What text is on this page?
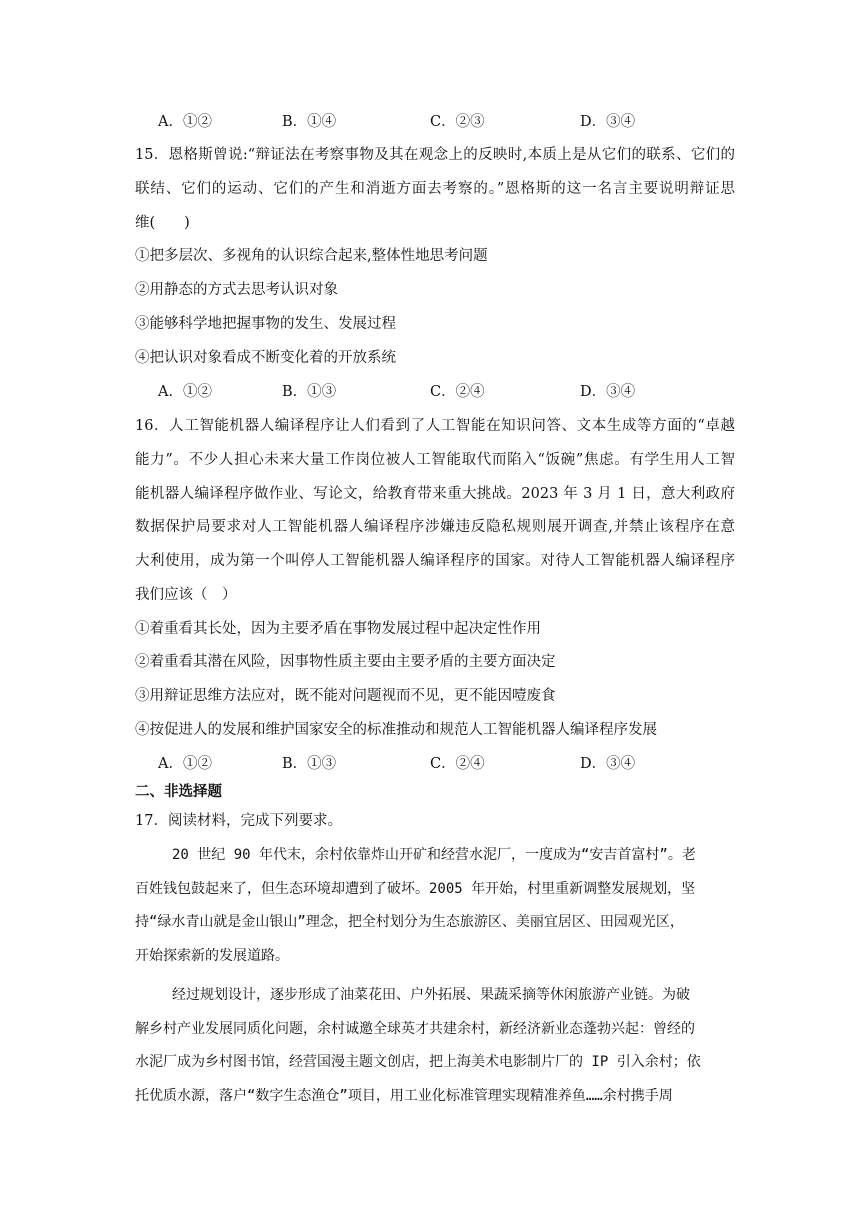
A．①②	B．①④	C．②③	D．③④
15．恩格斯曾说:“辩证法在考察事物及其在观念上的反映时,本质上是从它们的联系、它们的
联结、它们的运动、它们的产生和消逝方面去考察的。”恩格斯的这一名言主要说明辩证思
维(　　)
①把多层次、多视角的认识综合起来,整体性地思考问题
②用静态的方式去思考认识对象
③能够科学地把握事物的发生、发展过程
④把认识对象看成不断变化着的开放系统
A．①②	B．①③	C．②④	D．③④
16．人工智能机器人编译程序让人们看到了人工智能在知识问答、文本生成等方面的“卓越
能力”。不少人担心未来大量工作岗位被人工智能取代而陷入“饭碗”焦虑。有学生用人工智
能机器人编译程序做作业、写论文，给教育带来重大挑战。2023 年 3 月 1 日，意大利政府
数据保护局要求对人工智能机器人编译程序涉嫌违反隐私规则展开调查,并禁止该程序在意
大利使用，成为第一个叫停人工智能机器人编译程序的国家。对待人工智能机器人编译程序
我们应该（　）
①着重看其长处，因为主要矛盾在事物发展过程中起决定性作用
②着重看其潜在风险，因事物性质主要由主要矛盾的主要方面决定
③用辩证思维方法应对，既不能对问题视而不见，更不能因噎废食
④按促进人的发展和维护国家安全的标准推动和规范人工智能机器人编译程序发展
A．①②	B．①③	C．②④	D．③④
二、非选择题
17．阅读材料，完成下列要求。
20 世纪 90 年代末，余村依靠炸山开矿和经营水泥厂，一度成为“安吉首富村”。老
百姓钱包鼓起来了，但生态环境却遭到了破坏。2005 年开始，村里重新调整发展规划，坚
持“绿水青山就是金山银山”理念，把全村划分为生态旅游区、美丽宜居区、田园观光区，
开始探索新的发展道路。
经过规划设计，逐步形成了油菜花田、户外拓展、果蔬采摘等休闲旅游产业链。为破
解乡村产业发展同质化问题，余村诚邀全球英才共建余村，新经济新业态蓬勃兴起：曾经的
水泥厂成为乡村图书馆，经营国漫主题文创店，把上海美术电影制片厂的 IP 引入余村；依
托优质水源，落户“数字生态渔仓”项目，用工业化标准管理实现精准养鱼……余村携手周
